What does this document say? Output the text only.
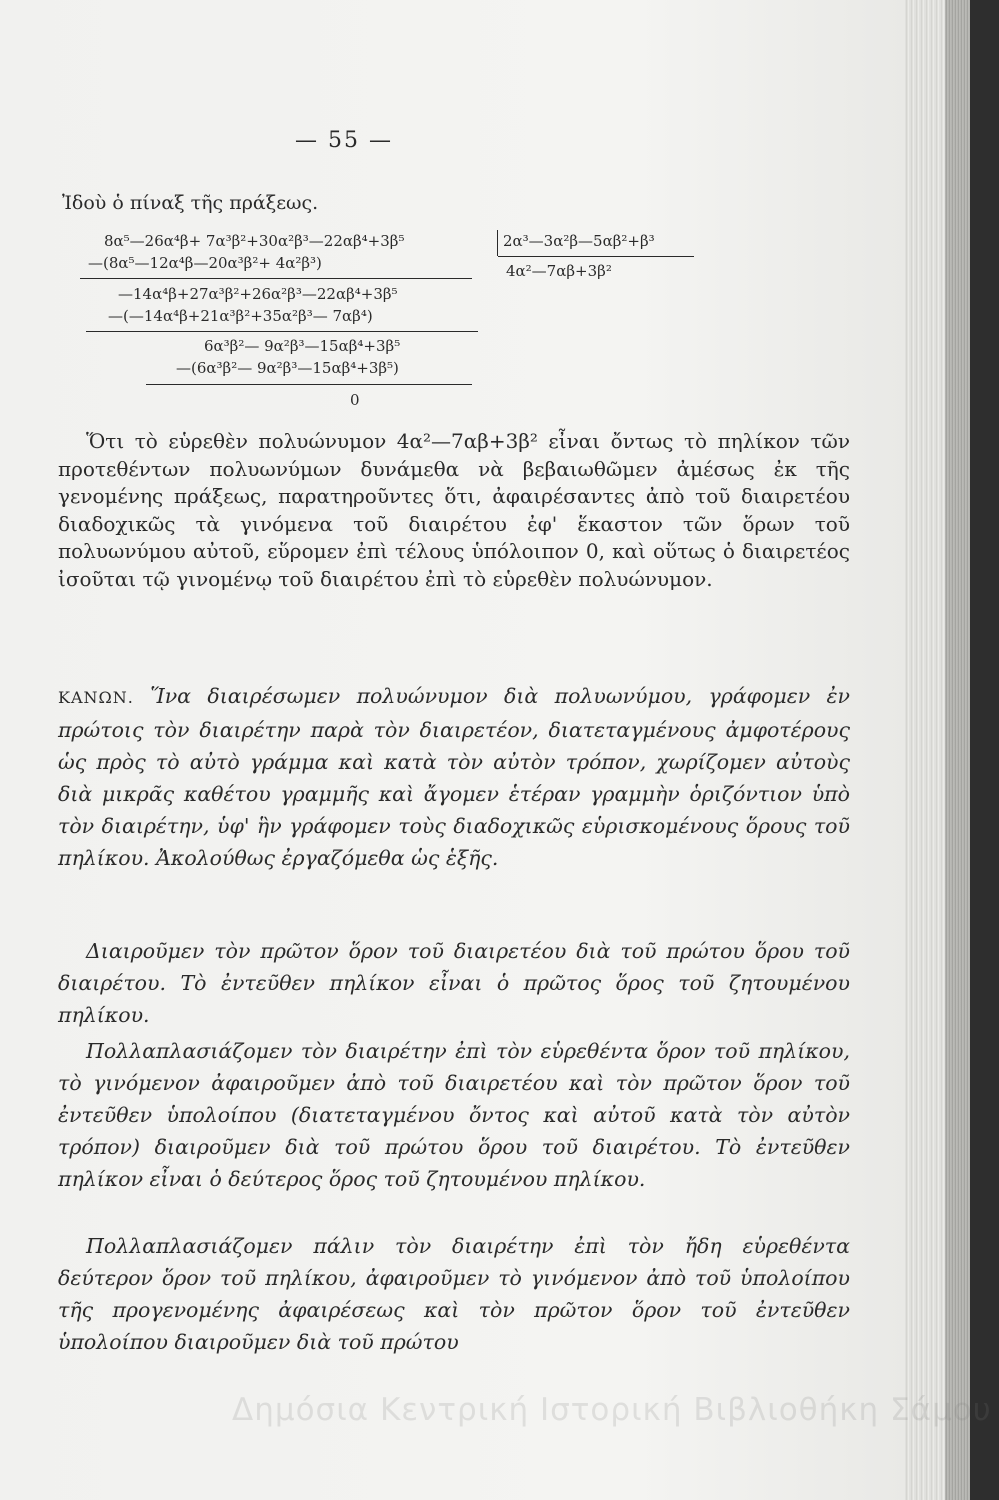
— 55 —
Ἰδοὺ ὁ πίναξ τῆς πράξεως.
8α⁵—26α⁴β+ 7α³β²+30α²β³—22αβ⁴+3β⁵
—(8α⁵—12α⁴β—20α³β²+ 4α²β³)
—14α⁴β+27α³β²+26α²β³—22αβ⁴+3β⁵
—(—14α⁴β+21α³β²+35α²β³— 7αβ⁴)
6α³β²— 9α²β³—15αβ⁴+3β⁵
—(6α³β²— 9α²β³—15αβ⁴+3β⁵)
0
2α³—3α²β—5αβ²+β³
4α²—7αβ+3β²
Ὅτι τὸ εὑρεθὲν πολυώνυμον 4α²—7αβ+3β² εἶναι ὄντως τὸ πηλίκον τῶν προτεθέντων πολυωνύμων δυνάμεθα νὰ βεβαιωθῶμεν ἀμέσως ἐκ τῆς γενομένης πράξεως, παρατηροῦντες ὅτι, ἀφαιρέσαντες ἀπὸ τοῦ διαιρετέου διαδοχικῶς τὰ γινόμενα τοῦ διαιρέτου ἐφ' ἕκαστον τῶν ὅρων τοῦ πολυωνύμου αὐτοῦ, εὕρομεν ἐπὶ τέλους ὑπόλοιπον 0, καὶ οὕτως ὁ διαιρετέος ἰσοῦται τῷ γινομένῳ τοῦ διαιρέτου ἐπὶ τὸ εὑρεθὲν πολυώνυμον.
ΚΑΝΩΝ. Ἵνα διαιρέσωμεν πολυώνυμον διὰ πολυωνύμου, γράφομεν ἐν πρώτοις τὸν διαιρέτην παρὰ τὸν διαιρετέον, διατεταγμένους ἀμφοτέρους ὡς πρὸς τὸ αὐτὸ γράμμα καὶ κατὰ τὸν αὐτὸν τρόπον, χωρίζομεν αὐτοὺς διὰ μικρᾶς καθέτου γραμμῆς καὶ ἄγομεν ἑτέραν γραμμὴν ὁριζόντιον ὑπὸ τὸν διαιρέτην, ὑφ' ἣν γράφομεν τοὺς διαδοχικῶς εὑρισκομένους ὅρους τοῦ πηλίκου. Ἀκολούθως ἐργαζόμεθα ὡς ἑξῆς.
Διαιροῦμεν τὸν πρῶτον ὅρον τοῦ διαιρετέου διὰ τοῦ πρώτου ὅρου τοῦ διαιρέτου. Τὸ ἐντεῦθεν πηλίκον εἶναι ὁ πρῶτος ὅρος τοῦ ζητουμένου πηλίκου.
Πολλαπλασιάζομεν τὸν διαιρέτην ἐπὶ τὸν εὑρεθέντα ὅρον τοῦ πηλίκου, τὸ γινόμενον ἀφαιροῦμεν ἀπὸ τοῦ διαιρετέου καὶ τὸν πρῶτον ὅρον τοῦ ἐντεῦθεν ὑπολοίπου (διατεταγμένου ὄντος καὶ αὐτοῦ κατὰ τὸν αὐτὸν τρόπον) διαιροῦμεν διὰ τοῦ πρώτου ὅρου τοῦ διαιρέτου. Τὸ ἐντεῦθεν πηλίκον εἶναι ὁ δεύτερος ὅρος τοῦ ζητουμένου πηλίκου.
Πολλαπλασιάζομεν πάλιν τὸν διαιρέτην ἐπὶ τὸν ἤδη εὑρεθέντα δεύτερον ὅρον τοῦ πηλίκου, ἀφαιροῦμεν τὸ γινόμενον ἀπὸ τοῦ ὑπολοίπου τῆς προγενομένης ἀφαιρέσεως καὶ τὸν πρῶτον ὅρον τοῦ ἐντεῦθεν ὑπολοίπου διαιροῦμεν διὰ τοῦ πρώτου
Δημόσια Κεντρική Ιστορική Βιβλιοθήκη Σάμου
